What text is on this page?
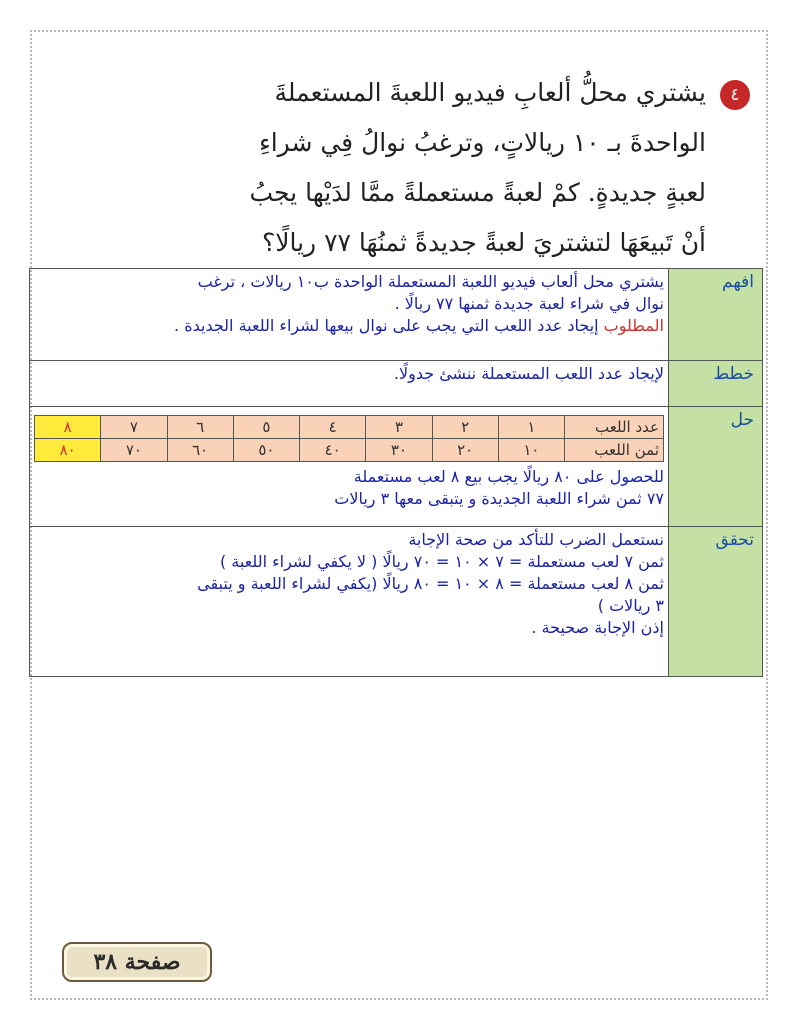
٤يشتري محلُّ ألعابِ فيديو اللعبةَ المستعملةَ
الواحدةَ بـ ١٠ ريالاتٍ، وترغبُ نوالُ فِي شراءِ
لعبةٍ جديدةٍ. كمْ لعبةً مستعملةً ممَّا لدَيْها يجبُ
أنْ تَبيعَهَا لتشتريَ لعبةً جديدةً ثمنُهَا ٧٧ ريالًا؟
افهم	
يشتري محل ألعاب فيديو اللعبة المستعملة الواحدة ب١٠ ريالات ، ترغب
نوال في شراء لعبة جديدة ثمنها ٧٧ ريالًا .
المطلوب إيجاد عدد اللعب التي يجب على نوال بيعها لشراء اللعبة الجديدة .

خطط	
لإيجاد عدد اللعب المستعملة ننشئ جدولًا.

حل	
عدد اللعب	١	٢	٣	٤	٥	٦	٧	٨
ثمن اللعب	١٠	٢٠	٣٠	٤٠	٥٠	٦٠	٧٠	٨٠
للحصول على ٨٠ ريالًا يجب بيع ٨ لعب مستعملة
٧٧ ثمن شراء اللعبة الجديدة و يتبقى معها ٣ ريالات

تحقق	
نستعمل الضرب للتأكد من صحة الإجابة
ثمن ٧ لعب مستعملة = ٧ × ١٠ = ٧٠ ريالًا ( لا يكفي لشراء اللعبة )
ثمن ٨ لعب مستعملة = ٨ × ١٠ = ٨٠ ريالًا (يكفي لشراء اللعبة و يتبقى
٣ ريالات )
إذن الإجابة صحيحة .
صفحة ٣٨
